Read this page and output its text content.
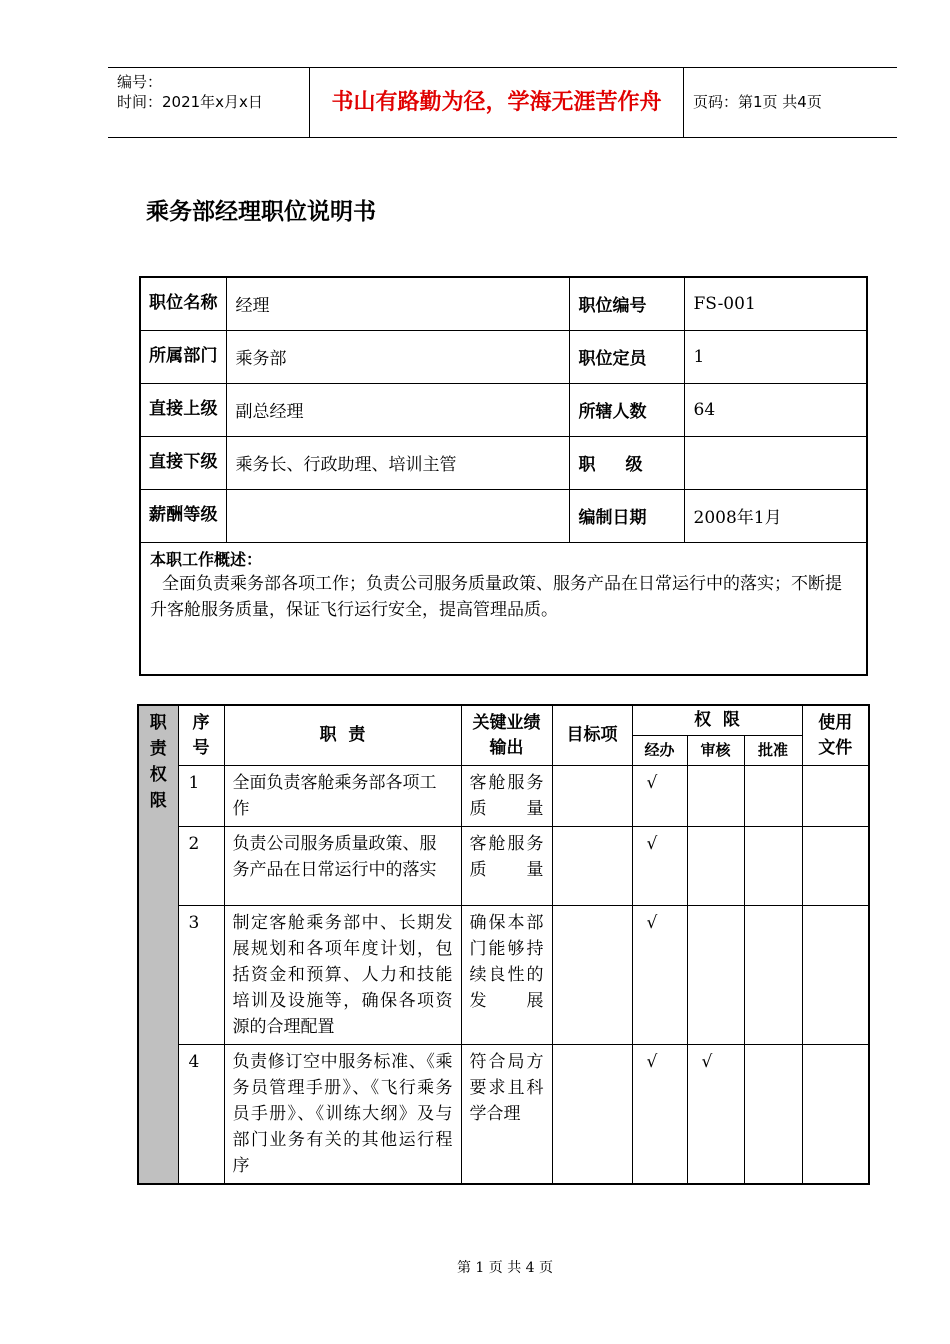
编号：
时间：2021年x月x日	书山有路勤为径，学海无涯苦作舟	页码：第1页 共4页
乘务部经理职位说明书
职位名称	经理	职位编号	FS-001
所属部门	乘务部	职位定员	1
直接上级	副总经理	所辖人数	64
直接下级	乘务长、行政助理、培训主管	职级	
薪酬等级		编制日期	2008年1月

本职工作概述：
全面负责乘务部各项工作；负责公司服务质量政策、服务产品在日常运行中的落实；不断提升客舱服务质量，保证飞行运行安全，提高管理品质。			
职责权限	序号	职  责	关键业绩输出	目标项	权  限			使用文件

					经办	审核	批准	
	1	全面负责客舱乘务部各项工作	客舱服务质量		√			
	2	负责公司服务质量政策、服务产品在日常运行中的落实	客舱服务质量		√			
	3	制定客舱乘务部中、长期发展规划和各项年度计划，包括资金和预算、人力和技能培训及设施等，确保各项资源的合理配置	确保本部门能够持续良性的发展		√			
	4	负责修订空中服务标准、《乘务员管理手册》、《飞行乘务员手册》、《训练大纲》及与部门业务有关的其他运行程序	符合局方要求且科学合理		√	√		
第 1 页 共 4 页
